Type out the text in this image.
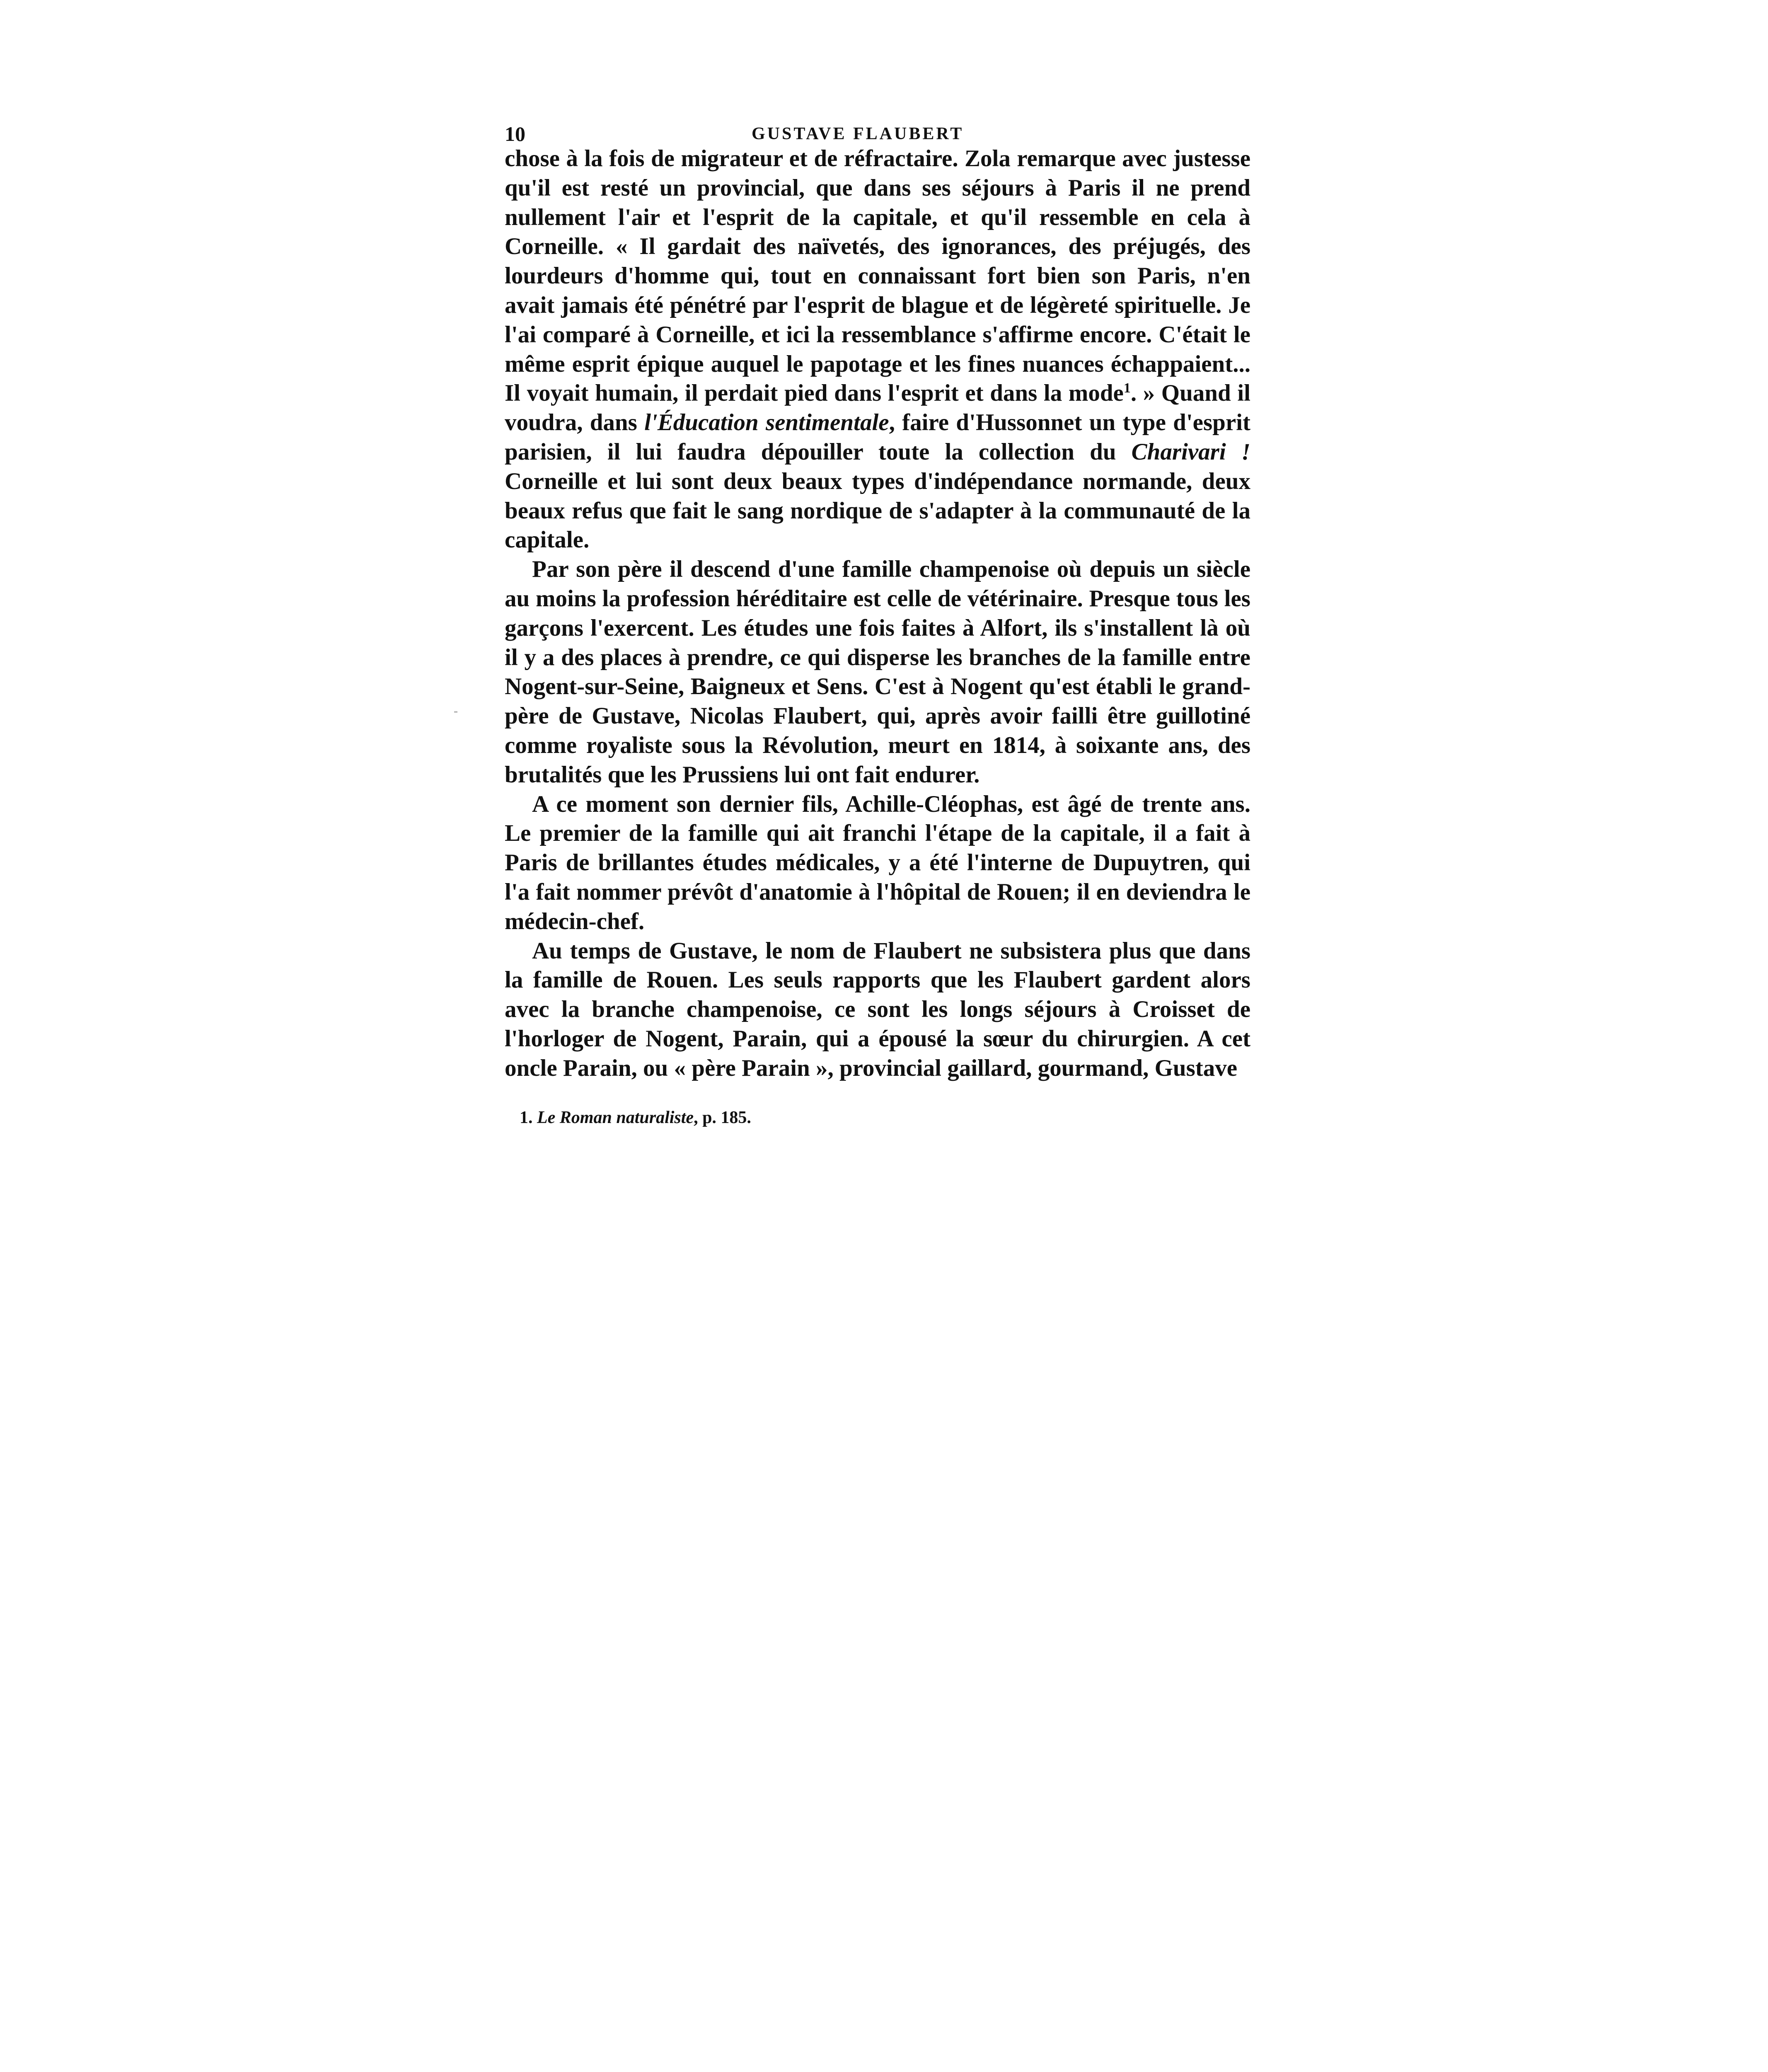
10	GUSTAVE FLAUBERT

chose à la fois de migrateur et de réfractaire. Zola remarque avec justesse qu'il est resté un provincial, que dans ses séjours à Paris il ne prend nullement l'air et l'esprit de la capitale, et qu'il ressemble en cela à Corneille. « Il gardait des naïvetés, des ignorances, des préjugés, des lourdeurs d'homme qui, tout en connaissant fort bien son Paris, n'en avait jamais été pénétré par l'esprit de blague et de légèreté spirituelle. Je l'ai comparé à Corneille, et ici la ressemblance s'affirme encore. C'était le même esprit épique auquel le papotage et les fines nuances échappaient... Il voyait humain, il perdait pied dans l'esprit et dans la mode$^1$. » Quand il voudra, dans l'Éducation sentimentale, faire d'Hussonnet un type d'esprit parisien, il lui faudra dépouiller toute la collection du Charivari ! Corneille et lui sont deux beaux types d'indépendance normande, deux beaux refus que fait le sang nordique de s'adapter à la communauté de la capitale.

Par son père il descend d'une famille champenoise où depuis un siècle au moins la profession héréditaire est celle de vétérinaire. Presque tous les garçons l'exercent. Les études une fois faites à Alfort, ils s'installent là où il y a des places à prendre, ce qui disperse les branches de la famille entre Nogent-sur-Seine, Baigneux et Sens. C'est à Nogent qu'est établi le grand-père de Gustave, Nicolas Flaubert, qui, après avoir failli être guillotiné comme royaliste sous la Révolution, meurt en 1814, à soixante ans, des brutalités que les Prussiens lui ont fait endurer.

A ce moment son dernier fils, Achille-Cléophas, est âgé de trente ans. Le premier de la famille qui ait franchi l'étape de la capitale, il a fait à Paris de brillantes études médicales, y a été l'interne de Dupuytren, qui l'a fait nommer prévôt d'anatomie à l'hôpital de Rouen; il en deviendra le médecin-chef.

Au temps de Gustave, le nom de Flaubert ne subsistera plus que dans la famille de Rouen. Les seuls rapports que les Flaubert gardent alors avec la branche champenoise, ce sont les longs séjours à Croisset de l'horloger de Nogent, Parain, qui a épousé la sœur du chirurgien. A cet oncle Parain, ou « père Parain », provincial gaillard, gourmand, Gustave

1. Le Roman naturaliste, p. 185.
